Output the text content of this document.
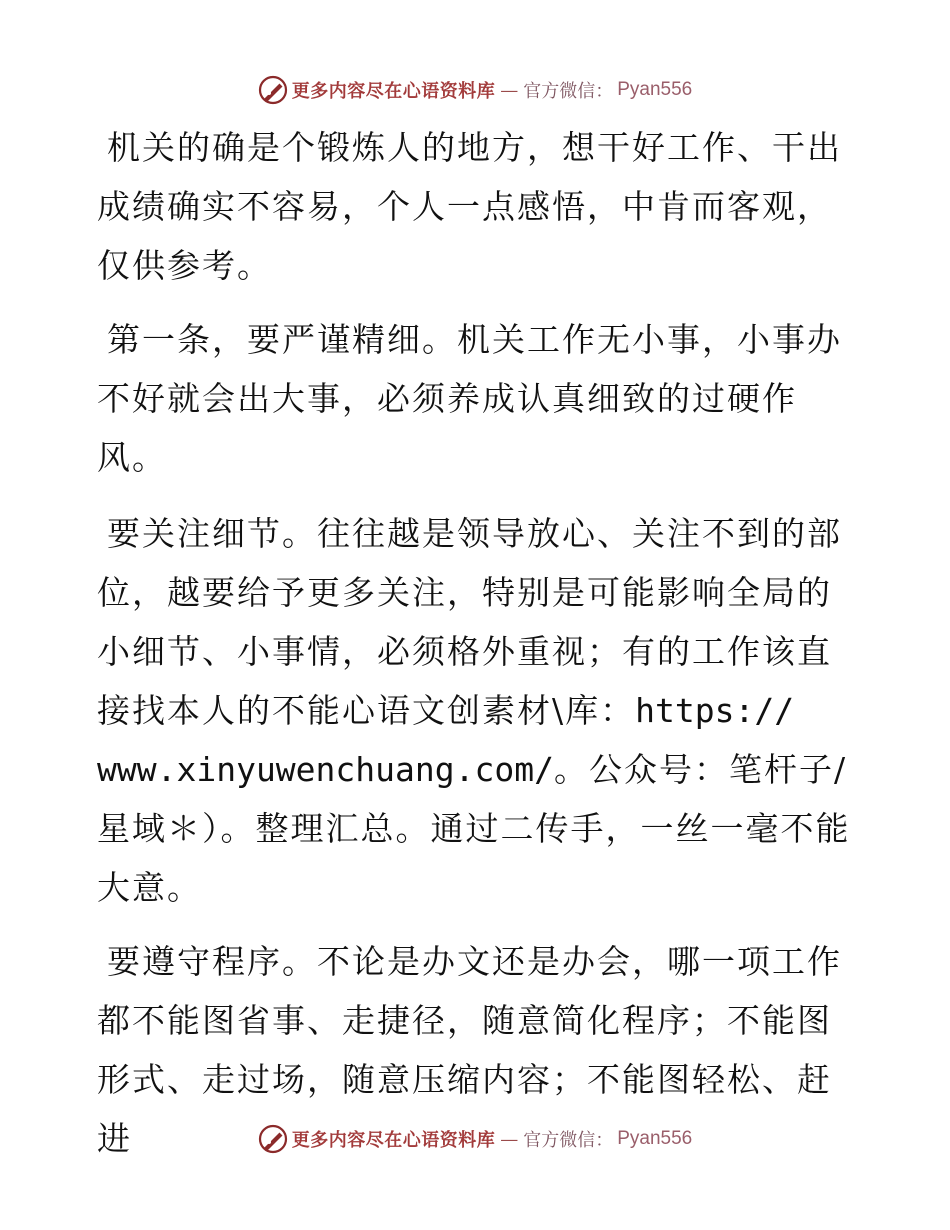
更多内容尽在心语资料库 — 官方微信： Pyan556

机关的确是个锻炼人的地方，想干好工作、干出成绩确实不容易，个人一点感悟，中肯而客观，仅供参考。

第一条，要严谨精细。机关工作无小事，小事办不好就会出大事，必须养成认真细致的过硬作风。

要关注细节。往往越是领导放心、关注不到的部位，越要给予更多关注，特别是可能影响全局的小细节、小事情，必须格外重视；有的工作该直接找本人的不能心语文创素材\库：https://
www.xinyuwenchuang.com/。公众号：笔杆子/星域＊）。整理汇总。通过二传手，一丝一毫不能大意。

要遵守程序。不论是办文还是办会，哪一项工作都不能图省事、走捷径，随意简化程序；不能图形式、走过场，随意压缩内容；不能图轻松、赶进	更多内容尽在心语资料库 — 官方微信： Pyan556
